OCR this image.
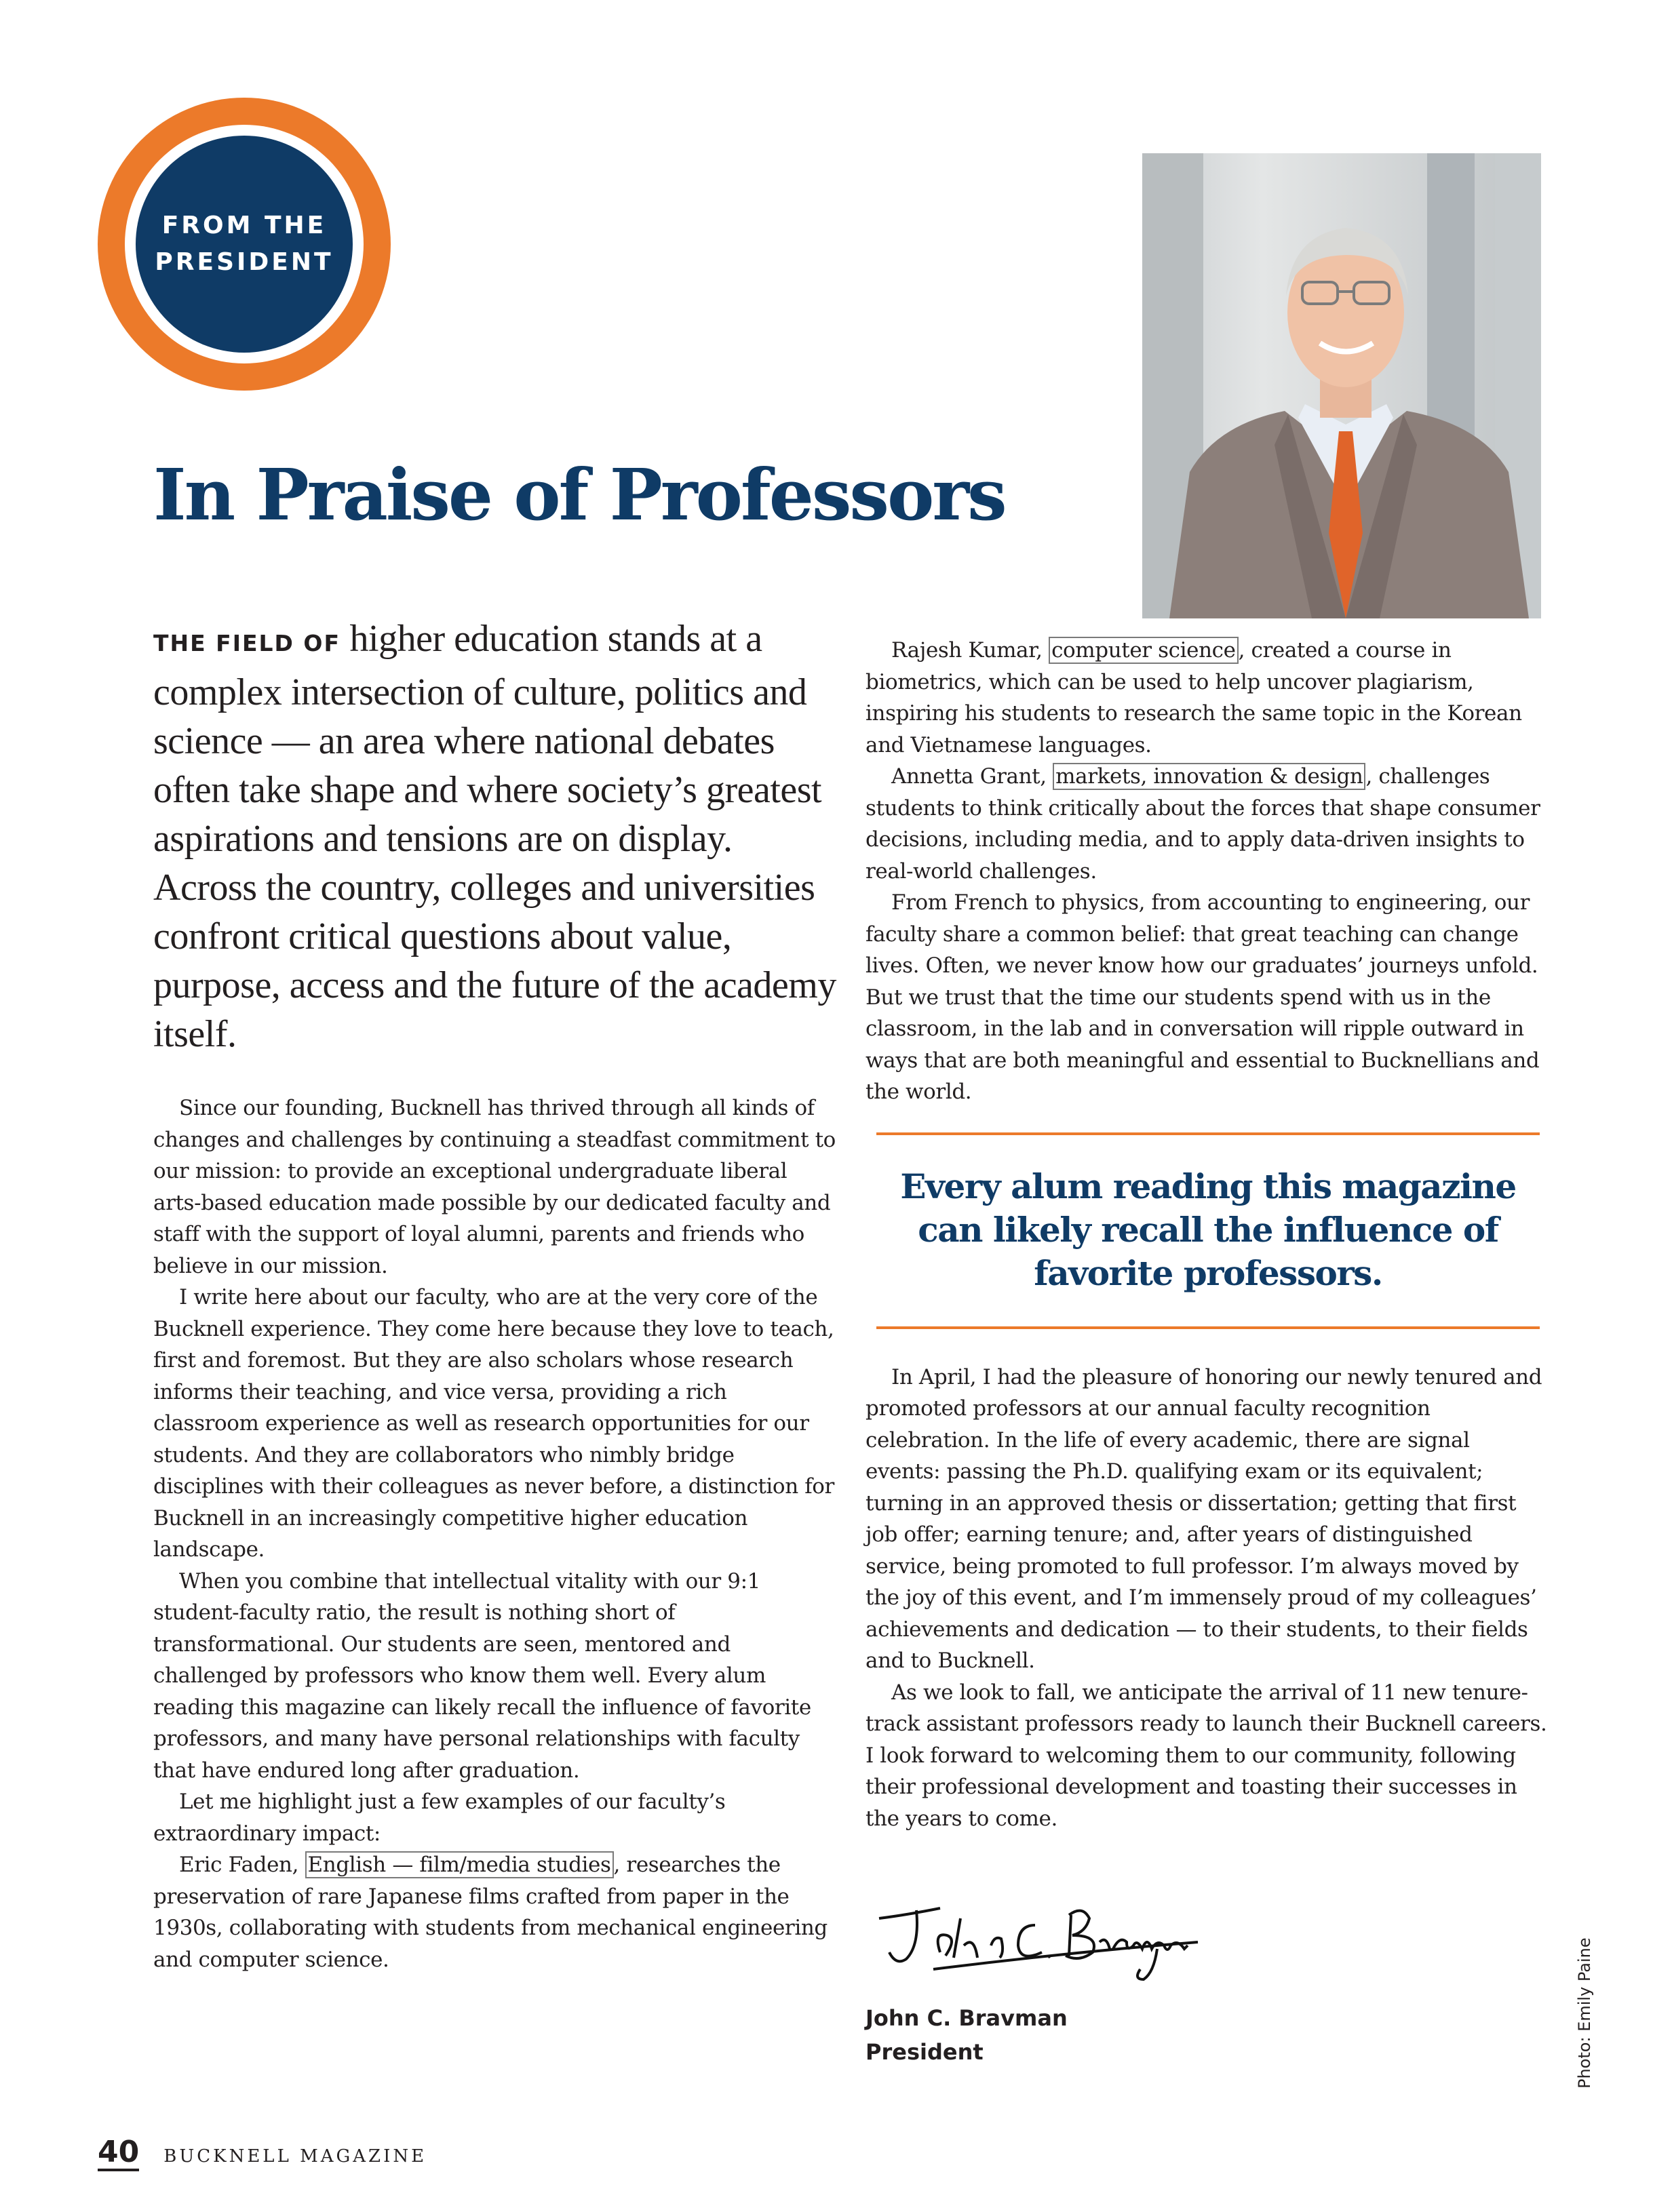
FROM THE
PRESIDENT
In Praise of Professors

THE FIELD OF higher education stands at a complex intersection of culture, politics and science — an area where national debates often take shape and where society’s greatest aspirations and tensions are on display. Across the country, colleges and universities confront critical questions about value, purpose, access and the future of the academy itself.

Since our founding, Bucknell has thrived through all kinds of changes and challenges by continuing a steadfast commitment to our mission: to provide an exceptional undergraduate liberal arts-based education made possible by our dedicated faculty and staff with the support of loyal alumni, parents and friends who believe in our mission.

I write here about our faculty, who are at the very core of the Bucknell experience. They come here because they love to teach, first and foremost. But they are also scholars whose research informs their teaching, and vice versa, providing a rich classroom experience as well as research opportunities for our students. And they are collaborators who nimbly bridge disciplines with their colleagues as never before, a distinction for Bucknell in an increasingly competitive higher education landscape.

When you combine that intellectual vitality with our 9:1 student-faculty ratio, the result is nothing short of transformational. Our students are seen, mentored and challenged by professors who know them well. Every alum reading this magazine can likely recall the influence of favorite professors, and many have personal relationships with faculty that have endured long after graduation.

Let me highlight just a few examples of our faculty’s extraordinary impact:

Eric Faden, English — film/media studies , researches the preservation of rare Japanese films crafted from paper in the 1930s, collaborating with students from mechanical engineering and computer science.

Rajesh Kumar, computer science , created a course in biometrics, which can be used to help uncover plagiarism, inspiring his students to research the same topic in the Korean and Vietnamese languages.

Annetta Grant, markets, innovation & design , challenges students to think critically about the forces that shape consumer decisions, including media, and to apply data-driven insights to real-world challenges.

From French to physics, from accounting to engineering, our faculty share a common belief: that great teaching can change lives. Often, we never know how our graduates’ journeys unfold. But we trust that the time our students spend with us in the classroom, in the lab and in conversation will ripple outward in ways that are both meaningful and essential to Bucknellians and the world.

Every alum reading this magazine can likely recall the influence of favorite professors.

In April, I had the pleasure of honoring our newly tenured and promoted professors at our annual faculty recognition celebration. In the life of every academic, there are signal events: passing the Ph.D. qualifying exam or its equivalent; turning in an approved thesis or dissertation; getting that first job offer; earning tenure; and, after years of distinguished service, being promoted to full professor. I’m always moved by the joy of this event, and I’m immensely proud of my colleagues’ achievements and dedication — to their students, to their fields and to Bucknell.

As we look to fall, we anticipate the arrival of 11 new tenure-track assistant professors ready to launch their Bucknell careers. I look forward to welcoming them to our community, following their professional development and toasting their successes in the years to come.

John C. Bravman
President	Photo: Emily Paine
40 BUCKNELL MAGAZINE
